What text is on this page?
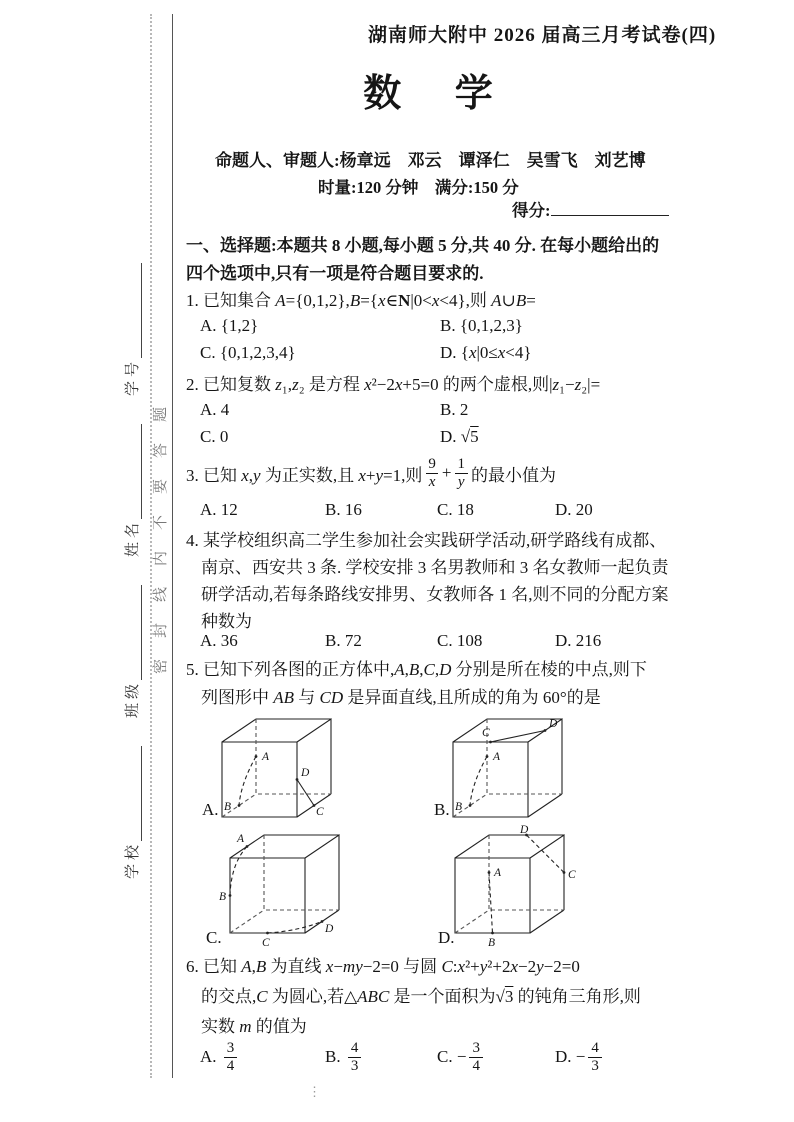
学校
班级
姓名
学号
密封线内不要答题
湖南师大附中 2026 届高三月考试卷(四)
数　 学
命题人、审题人:杨章远　邓云　谭泽仁　吴雪飞　刘艺博
时量:120 分钟　满分:150 分
得分:
一、选择题:本题共 8 小题,每小题 5 分,共 40 分. 在每小题给出的
四个选项中,只有一项是符合题目要求的.
1. 已知集合 A={0,1,2},B={x∈N|0<x<4},则 A∪B=
A. {1,2}	B. {0,1,2,3}
C. {0,1,2,3,4}	D. {x|0≤x<4}
2. 已知复数 z₁,z₂ 是方程 x²−2x+5=0 的两个虚根,则|z₁−z₂|=
A. 4	B. 2
C. 0	D. √5
3. 已知 x,y 为正实数,且 x+y=1,则 $\frac{9}{x} + \frac{1}{y}$ 的最小值为
A. 12	B. 16	C. 18	D. 20
4. 某学校组织高二学生参加社会实践研学活动,研学路线有成都、
南京、西安共 3 条. 学校安排 3 名男教师和 3 名女教师一起负责
研学活动,若每条路线安排男、女教师各 1 名,则不同的分配方案
种数为
A. 36	B. 72	C. 108	D. 216
5. 已知下列各图的正方体中,A,B,C,D 分别是所在棱的中点,则下
列图形中 AB 与 CD 是异面直线,且所成的角为 60°的是
A
B	C
D
A.
A
B
C
D
B.
A
B
C
D
C.
A
B
C
D
D.
6. 已知 A,B 为直线 x−my−2=0 与圆 C:x²+y²+2x−2y−2=0
的交点,C 为圆心,若△ABC 是一个面积为√3 的钝角三角形,则
实数 m 的值为
A.
$\frac{3}{4}$	B.
$\frac{4}{3}$	C.
− $\frac{3}{4}$	D.
− $\frac{4}{3}$
⋮
